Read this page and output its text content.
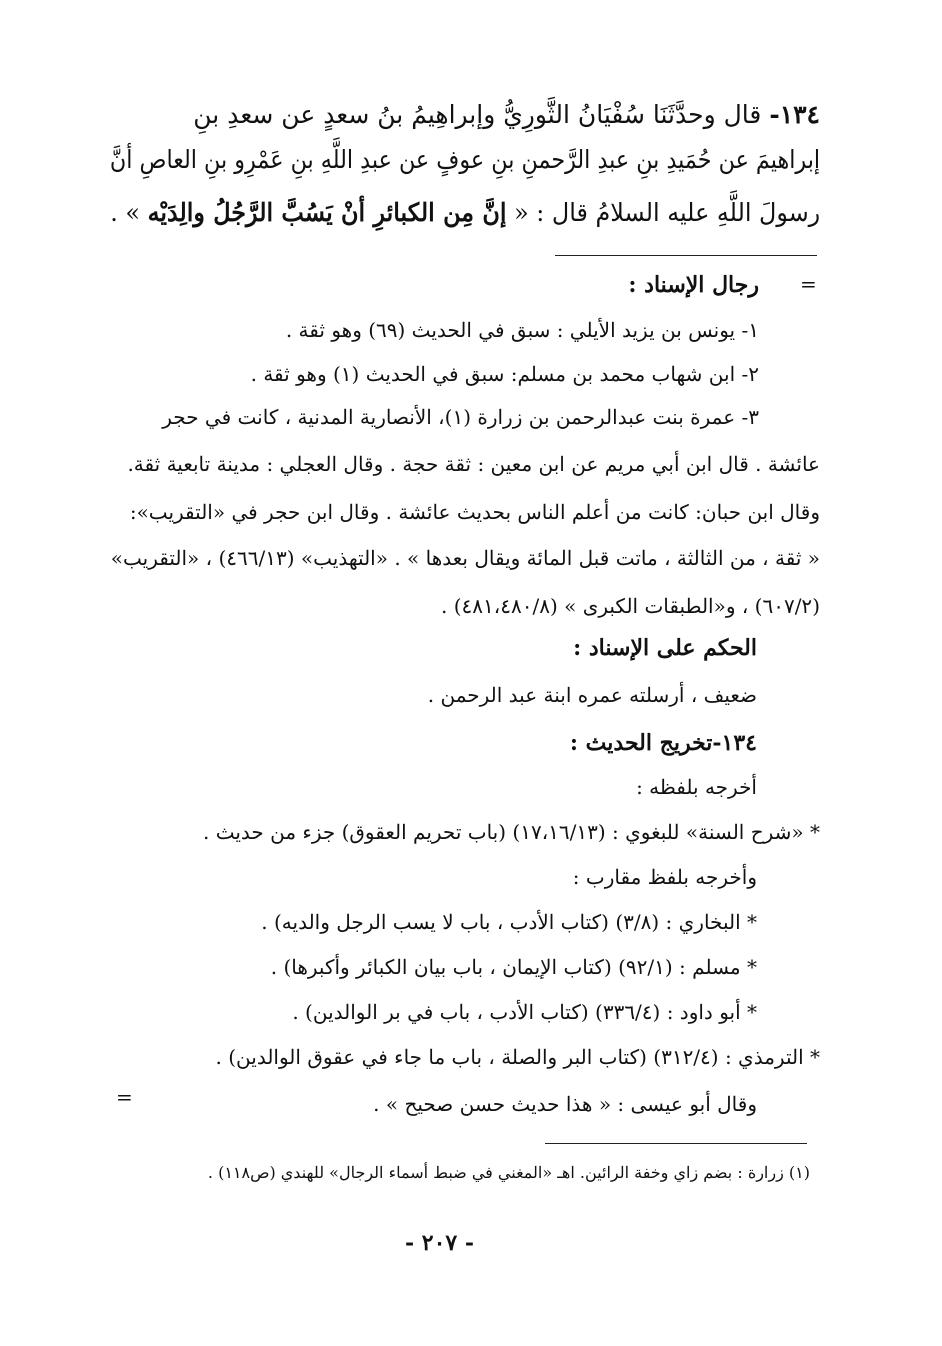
١٣٤- قال وحدَّثَنَا سُفْيَانُ الثَّورِيُّ وإبراهِيمُ بنُ سعدٍ عن سعدِ بنِ
إبراهيمَ عن حُمَيدِ بنِ عبدِ الرَّحمنِ بنِ عوفٍ عن عبدِ اللَّهِ بنِ عَمْرِو بنِ العاصِ أنَّ
رسولَ اللَّهِ عليه السلامُ قال : « إنَّ مِن الكبائرِ أنْ يَسُبَّ الرَّجُلُ والِدَيْه » .
=
رجال الإسناد :
١- يونس بن يزيد الأيلي : سبق في الحديث (٦٩) وهو ثقة .
٢- ابن شهاب محمد بن مسلم: سبق في الحديث (١) وهو ثقة .
٣- عمرة بنت عبدالرحمن بن زرارة (١)، الأنصارية المدنية ، كانت في حجر
عائشة . قال ابن أبي مريم عن ابن معين : ثقة حجة . وقال العجلي : مدينة تابعية ثقة.
وقال ابن حبان: كانت من أعلم الناس بحديث عائشة . وقال ابن حجر في «التقريب»:
« ثقة ، من الثالثة ، ماتت قبل المائة ويقال بعدها » . «التهذيب» (٤٦٦/١٣) ، «التقريب»
(٦٠٧/٢) ، و«الطبقات الكبرى » (٤٨١،٤٨٠/٨) .
الحكم على الإسناد :
ضعيف ، أرسلته عمره ابنة عبد الرحمن .
١٣٤-تخريج الحديث :
أخرجه بلفظه :
* «شرح السنة» للبغوي : (١٧،١٦/١٣) (باب تحريم العقوق) جزء من حديث .
وأخرجه بلفظ مقارب :
* البخاري : (٣/٨) (كتاب الأدب ، باب لا يسب الرجل والديه) .
* مسلم : (٩٢/١) (كتاب الإيمان ، باب بيان الكبائر وأكبرها) .
* أبو داود : (٣٣٦/٤) (كتاب الأدب ، باب في بر الوالدين) .
* الترمذي : (٣١٢/٤) (كتاب البر والصلة ، باب ما جاء في عقوق الوالدين) .
وقال أبو عيسى : « هذا حديث حسن صحيح » .
=
(١) زرارة : بضم زاي وخفة الرائين. اهـ «المغني في ضبط أسماء الرجال» للهندي (ص١١٨) .
- ٢٠٧ -
